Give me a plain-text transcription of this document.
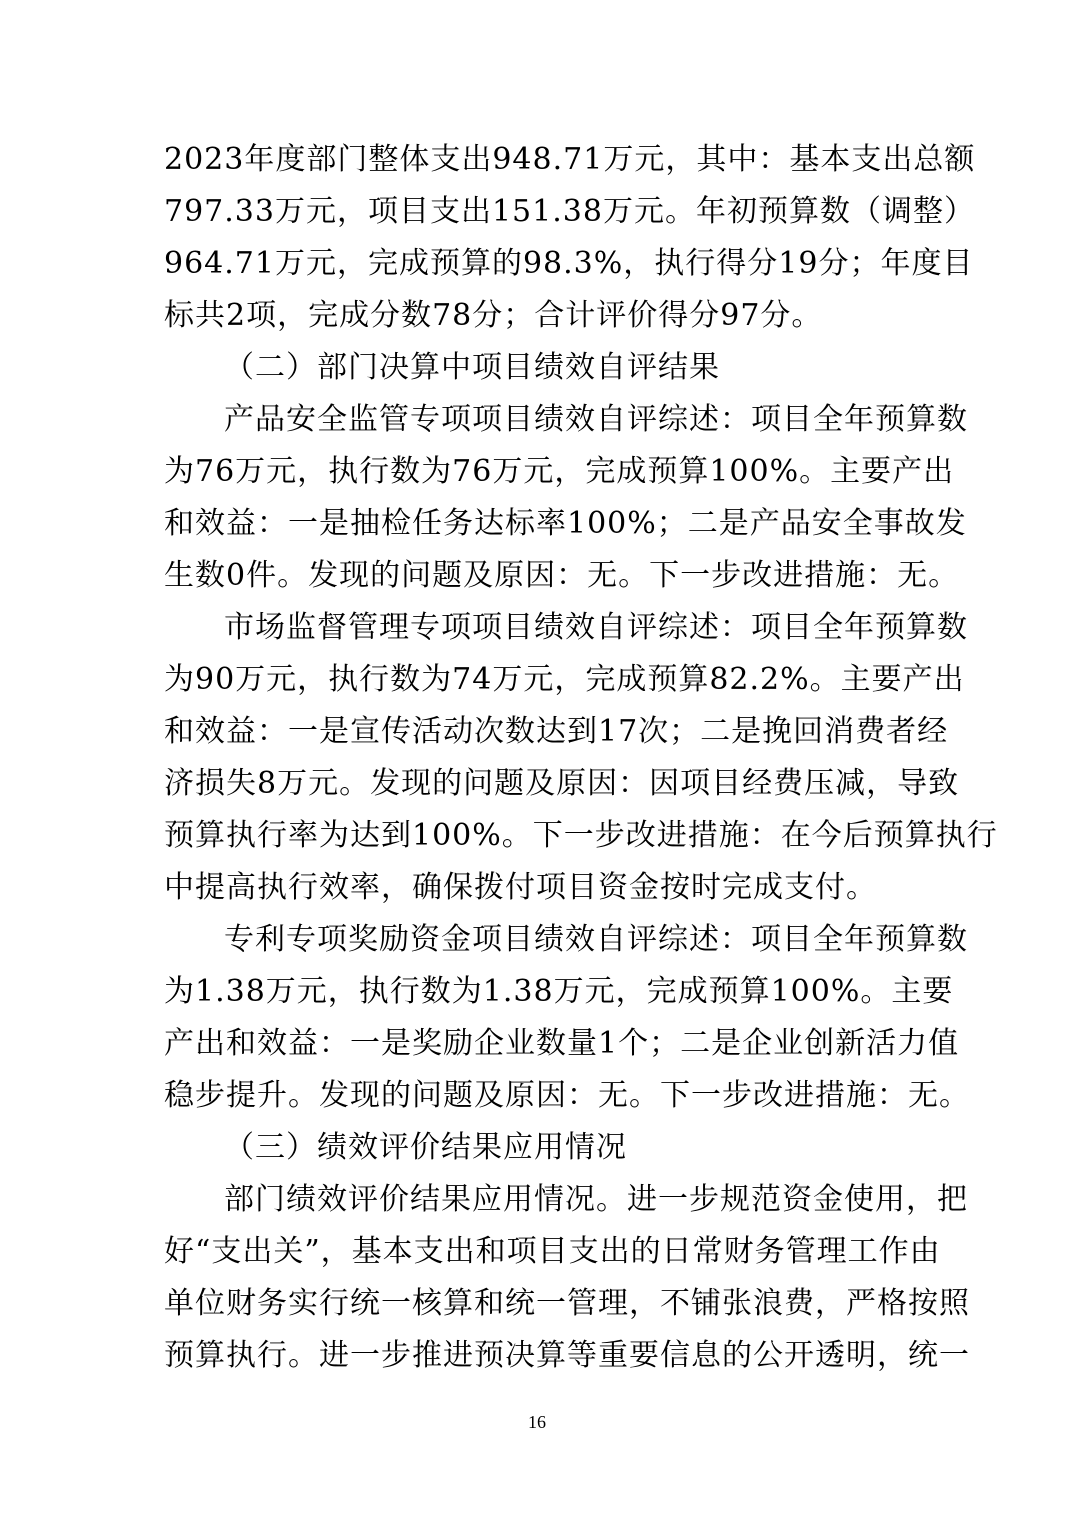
2023年度部门整体支出948.71万元，其中：基本支出总额
797.33万元，项目支出151.38万元。年初预算数（调整）
964.71万元，完成预算的98.3%，执行得分19分；年度目
标共2项，完成分数78分；合计评价得分97分。
（二）部门决算中项目绩效自评结果
产品安全监管专项项目绩效自评综述：项目全年预算数
为76万元，执行数为76万元，完成预算100%。主要产出
和效益：一是抽检任务达标率100%；二是产品安全事故发
生数0件。发现的问题及原因：无。下一步改进措施：无。
市场监督管理专项项目绩效自评综述：项目全年预算数
为90万元，执行数为74万元，完成预算82.2%。主要产出
和效益：一是宣传活动次数达到17次；二是挽回消费者经
济损失8万元。发现的问题及原因：因项目经费压减，导致
预算执行率为达到100%。下一步改进措施：在今后预算执行
中提高执行效率，确保拨付项目资金按时完成支付。
专利专项奖励资金项目绩效自评综述：项目全年预算数
为1.38万元，执行数为1.38万元，完成预算100%。主要
产出和效益：一是奖励企业数量1个；二是企业创新活力值
稳步提升。发现的问题及原因：无。下一步改进措施：无。
（三）绩效评价结果应用情况
部门绩效评价结果应用情况。进一步规范资金使用，把
好“支出关”，基本支出和项目支出的日常财务管理工作由
单位财务实行统一核算和统一管理，不铺张浪费，严格按照
预算执行。进一步推进预决算等重要信息的公开透明，统一
16
